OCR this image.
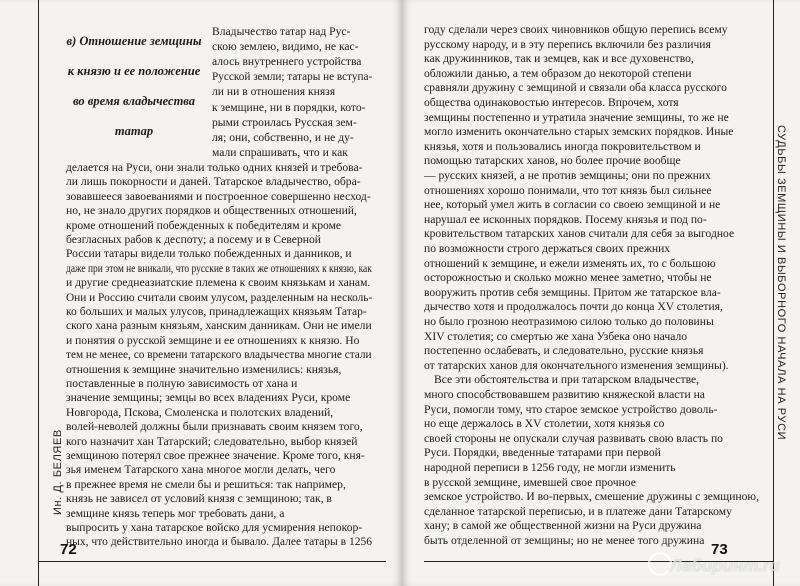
Ин. Д. БЕЛЯЕВ
в) Отношение земщины
к князю и ее положение
во время владычества
татар
Владычество татар над Рус-
скою землею, видимо, не кас-
алось внутреннего устройства
Русской земли; татары не вступа-
ли ни в отношения князя
к земщине, ни в порядки, кото-
рыми строилась Русская зем-
ля; они, собственно, и не ду-
мали спрашивать, что и как
делается на Руси, они знали только одних князей и требова-
ли лишь покорности и даней. Татарское владычество, обра-
зовавшееся завоеваниями и построенное совершенно несход-
но, не знало других порядков и общественных отношений,
кроме отношений побежденных к победителям и кроме
безгласных рабов к деспоту; а посему и в Северной
России татары видели только побежденных и данников, и
даже при этом не вникали, что русские в таких же отношениях к князю, как
и другие среднеазиатские племена к своим князькам и ханам.
Они и Россию считали своим улусом, разделенным на несколь-
ко больших и малых улусов, принадлежащих князьям Татар-
ского хана разным князьям, ханским данникам. Они не имели
и понятия о русской земщине и ее отношениях к князю. Но
тем не менее, со времени татарского владычества многие стали
отношения к земщине значительно изменились: князья,
поставленные в полную зависимость от хана и
значение земщины; земцы во всех владениях Руси, кроме
Новгорода, Пскова, Смоленска и полотских владений,
волей-неволей должны были признавать своим князем того,
кого назначит хан Татарский; следовательно, выбор князей
земщиною потерял свое прежнее значение. Кроме того, кня-
зья именем Татарского хана многое могли делать, чего
в прежнее время не смели бы и решиться: так например,
князь не зависел от условий князя с земщиною; так, в
земщине князь теперь мог требовать дани, а
выпросить у хана татарское войско для усмирения непокор-
ных, что действительно иногда и бывало. Далее татары в 1256
72
СУДЬБЫ ЗЕМЩИНЫ И ВЫБОРНОГО НАЧАЛА НА РУСИ
году сделали через своих чиновников общую перепись всему
русскому народу, и в эту перепись включили без различия
как дружинников, так и земцев, как и все духовенство,
обложили данью, а тем образом до некоторой степени
сравняли дружину с земщиной и связали оба класса русского
общества одинаковостью интересов. Впрочем, хотя
земщины постепенно и утратила значение земщины, то же не
могло изменить окончательно старых земских порядков. Иные
князья, хотя и пользовались иногда покровительством и
помощью татарских ханов, но более прочие вообще
— русских князей, а не против земщины; они по прежних
отношениях хорошо понимали, что тот князь был сильнее
нее, который умел жить в согласии со своею земщиной и не
нарушал ее исконных порядков. Посему князья и под по-
кровительством татарских ханов считали для себя за выгодное
по возможности строго держаться своих прежних
отношений к земщине, и ежели изменять их, то с большою
осторожностью и сколько можно менее заметно, чтобы не
вооружить против себя земщины. Притом же татарское вла-
дычество хотя и продолжалось почти до конца XV столетия,
но было грозною неотразимою силою только до половины
XIV столетия; со смертью же хана Узбека оно начало
постепенно ослабевать, и следовательно, русские князья
от татарских ханов для окончательного изменения земщины).
Все эти обстоятельства и при татарском владычестве,
много способствовавшем развитию княжеской власти на
Руси, помогли тому, что старое земское устройство доволь-
но еще держалось в XV столетии, хотя князья со
своей стороны не опускали случая развивать свою власть по
Руси. Порядки, введенные татарами при первой
народной переписи в 1256 году, не могли изменить
в русской земщине, имевшей свое прочное
земское устройство. И во-первых, смешение дружины с земщиною,
сделанное татарской переписью, и в платеже дани Татарскому
хану; в самой же общественной жизни на Руси дружина
быть отделенной от земщины; но не менее того дружина
73
Лабиринт.ru
